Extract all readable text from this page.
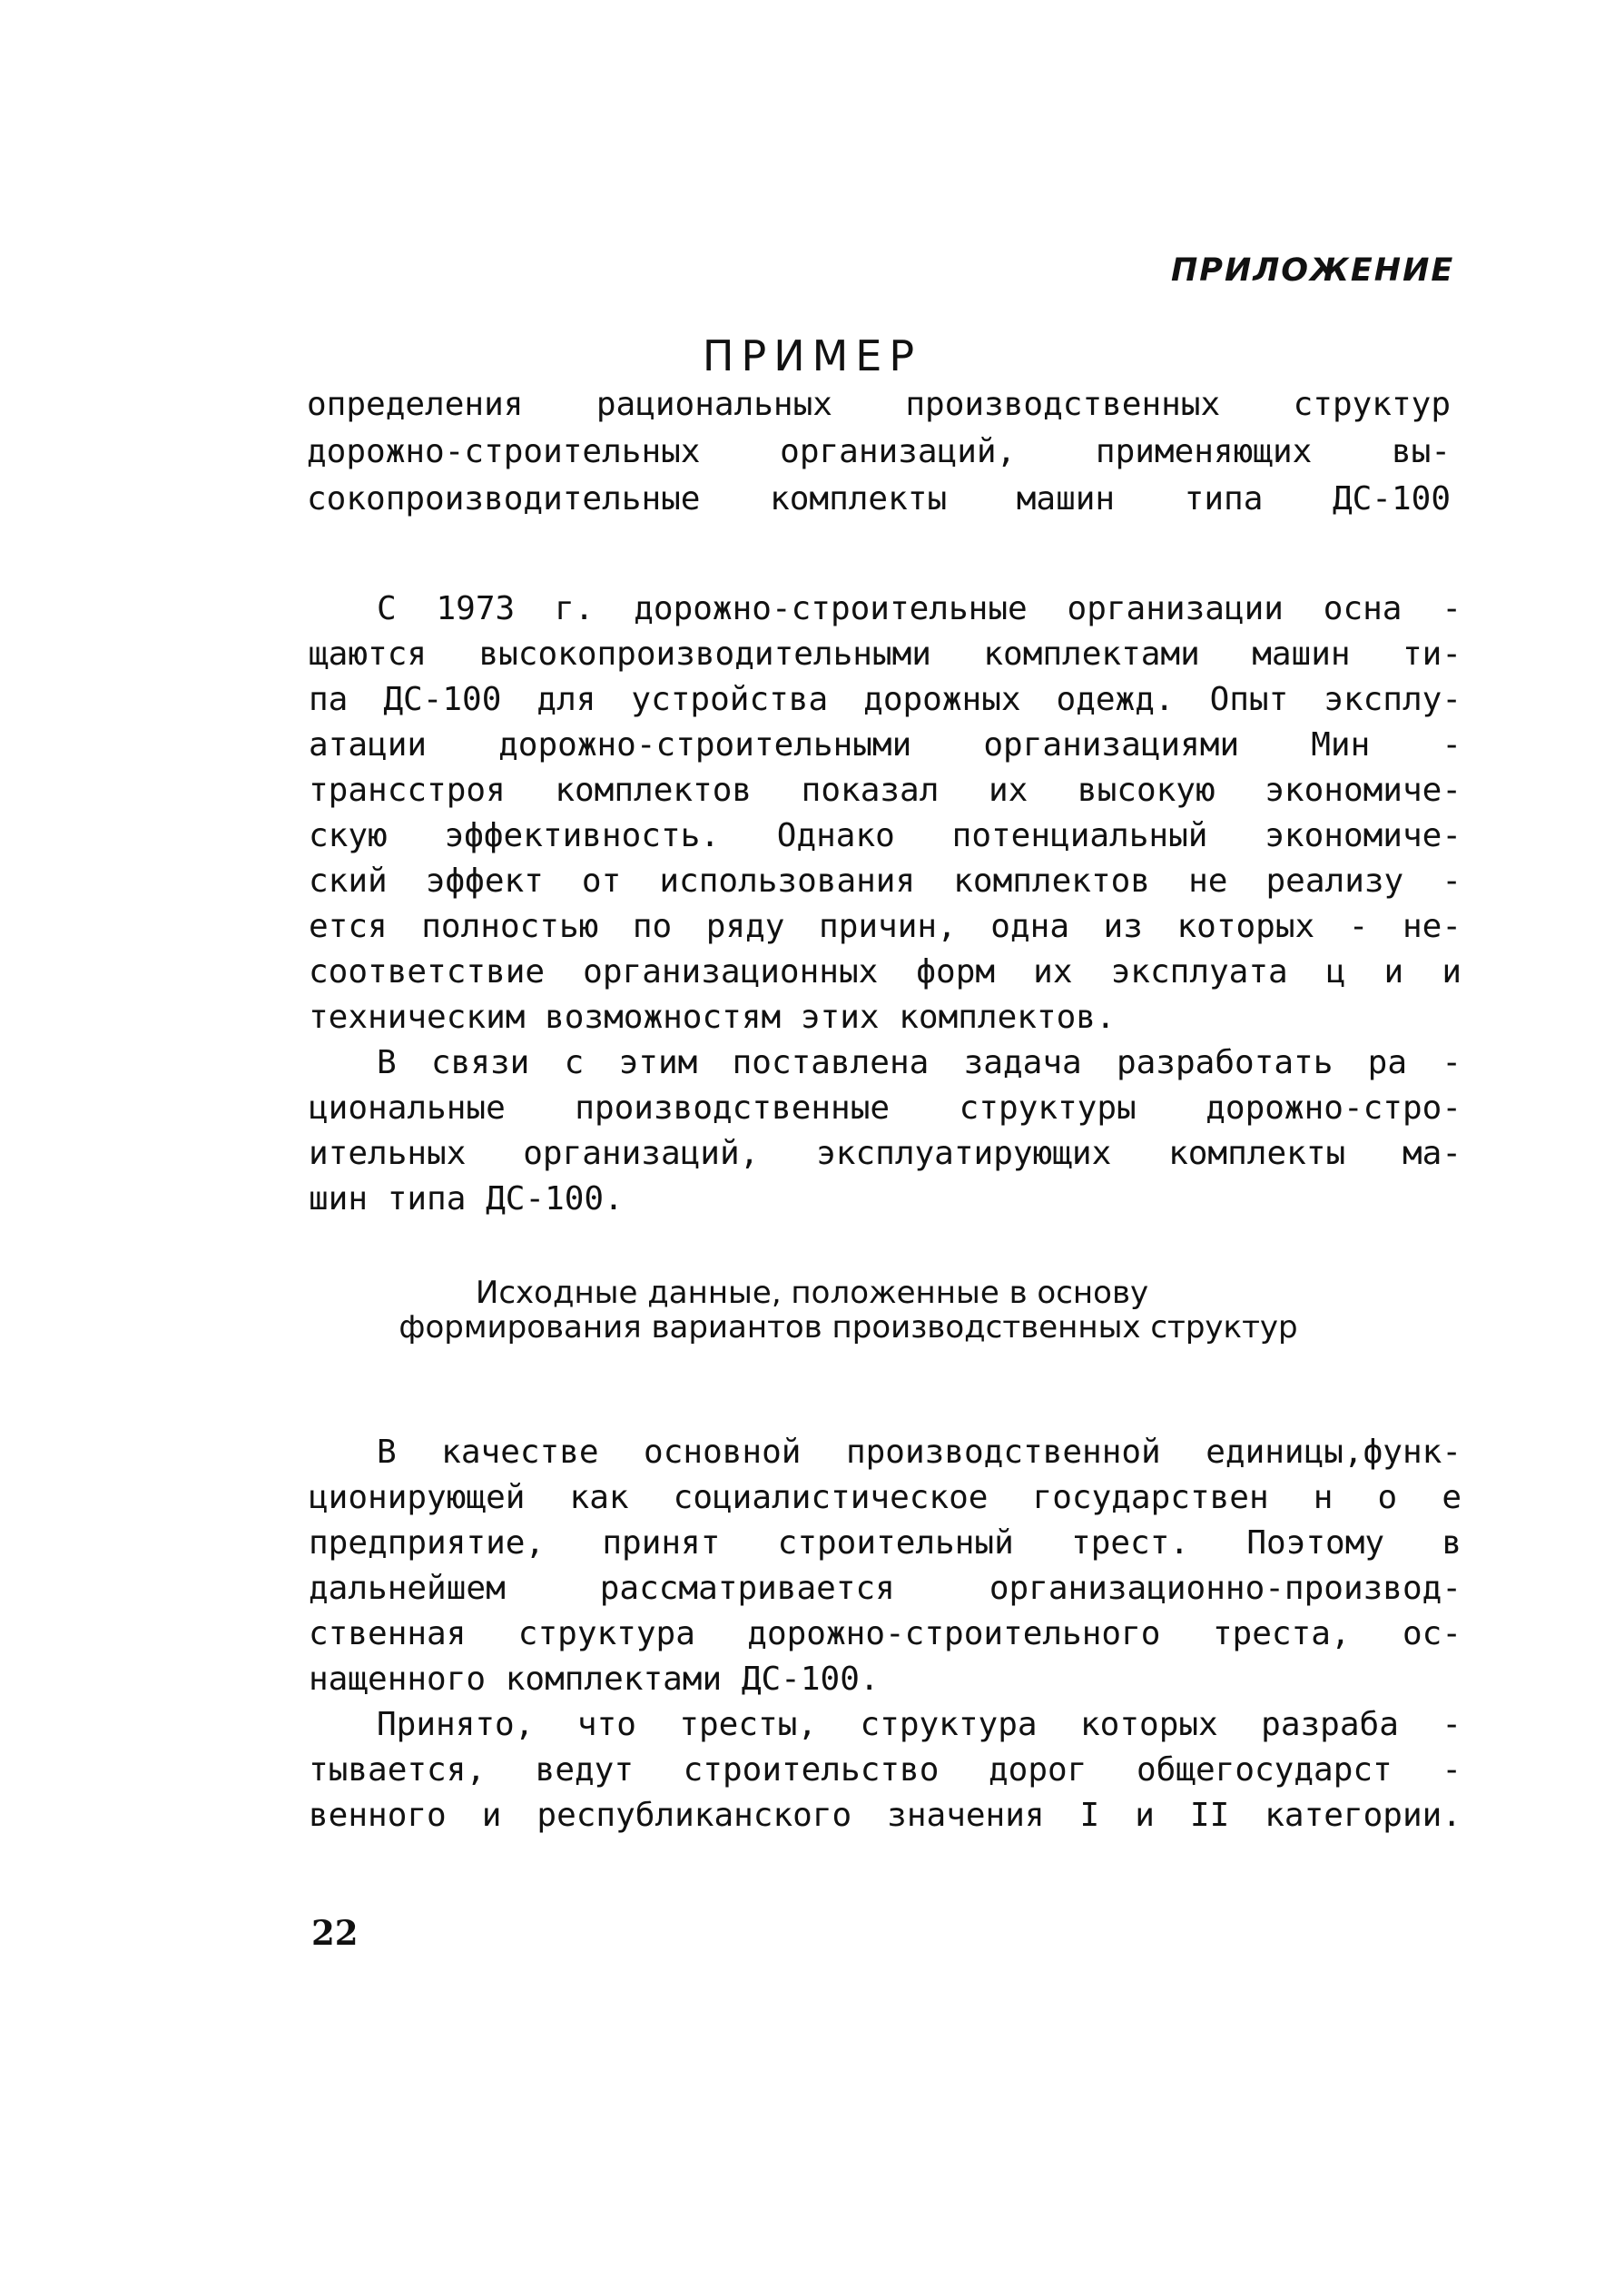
ПРИЛОЖЕНИЕ
ПРИМЕР
определения рациональных производственных структур
дорожно-строительных организаций, применяющих вы-
сокопроизводительные комплекты машин типа ДС-100
С 1973 г. дорожно-строительные организации осна -
щаются высокопроизводительными комплектами машин ти-
па ДС-100 для устройства дорожных одежд. Опыт эксплу-
атации дорожно-строительными организациями Мин -
трансстроя комплектов показал их высокую экономиче-
скую эффективность. Однако потенциальный экономиче-
ский эффект от использования комплектов не реализу -
ется полностью по ряду причин, одна из которых - не-
соответствие организационных форм их эксплуата ц и и
техническим возможностям этих комплектов.
В связи с этим поставлена задача разработать ра -
циональные производственные структуры дорожно-стро-
ительных организаций, эксплуатирующих комплекты ма-
шин типа ДС-100.
Исходные данные, положенные в основу
формирования вариантов производственных структур
В качестве основной производственной единицы,функ-
ционирующей как социалистическое государствен н о е
предприятие, принят строительный трест. Поэтому в
дальнейшем рассматривается организационно-производ-
ственная структура дорожно-строительного треста, ос-
нащенного комплектами ДС-100.
Принято, что тресты, структура которых разраба -
тывается, ведут строительство дорог общегосударст -
венного и республиканского значения I и II категории.
22
